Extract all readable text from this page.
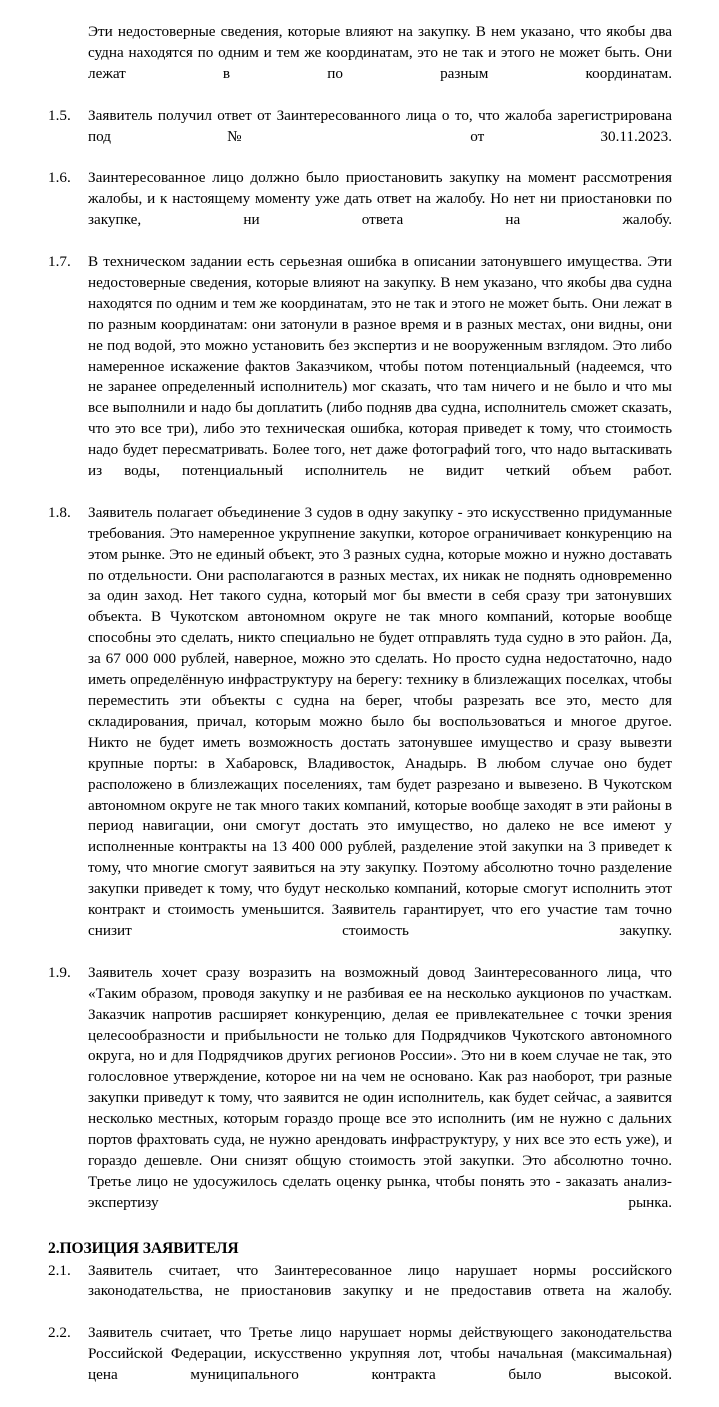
Эти недостоверные сведения, которые влияют на закупку. В нем указано, что якобы два судна находятся по одним и тем же координатам, это не так и этого не может быть. Они лежат в по разным координатам.

1.5.	Заявитель получил ответ от Заинтересованного лица о то, что жалоба зарегистрирована под № от 30.11.2023.
1.6.	Заинтересованное лицо должно было приостановить закупку на момент рассмотрения жалобы, и к настоящему моменту уже дать ответ на жалобу. Но нет ни приостановки по закупке, ни ответа на жалобу.
1.7.	В техническом задании есть серьезная ошибка в описании затонувшего имущества. Эти недостоверные сведения, которые влияют на закупку. В нем указано, что якобы два судна находятся по одним и тем же координатам, это не так и этого не может быть. Они лежат в по разным координатам: они затонули в разное время и в разных местах, они видны, они не под водой, это можно установить без экспертиз и не вооруженным взглядом. Это либо намеренное искажение фактов Заказчиком, чтобы потом потенциальный (надеемся, что не заранее определенный исполнитель) мог сказать, что там ничего и не было и что мы все выполнили и надо бы доплатить (либо подняв два судна, исполнитель сможет сказать, что это все три), либо это техническая ошибка, которая приведет к тому, что стоимость надо будет пересматривать. Более того, нет даже фотографий того, что надо вытаскивать из воды, потенциальный исполнитель не видит четкий объем работ.
1.8.	Заявитель полагает объединение 3 судов в одну закупку - это искусственно придуманные требования. Это намеренное укрупнение закупки, которое ограничивает конкуренцию на этом рынке. Это не единый объект, это 3 разных судна, которые можно и нужно доставать по отдельности. Они располагаются в разных местах, их никак не поднять одновременно за один заход. Нет такого судна, который мог бы вмести в себя сразу три затонувших объекта. В Чукотском автономном округе не так много компаний, которые вообще способны это сделать, никто специально не будет отправлять туда судно в это район. Да, за 67 000 000 рублей, наверное, можно это сделать. Но просто судна недостаточно, надо иметь определённую инфраструктуру на берегу: технику в близлежащих поселках, чтобы переместить эти объекты с судна на берег, чтобы разрезать все это, место для складирования, причал, которым можно было бы воспользоваться и многое другое. Никто не будет иметь возможность достать затонувшее имущество и сразу вывезти крупные порты: в Хабаровск, Владивосток, Анадырь. В любом случае оно будет расположено в близлежащих поселениях, там будет разрезано и вывезено. В Чукотском автономном округе не так много таких компаний, которые вообще заходят в эти районы в период навигации, они смогут достать это имущество, но далеко не все имеют у исполненные контракты на 13 400 000 рублей, разделение этой закупки на 3 приведет к тому, что многие смогут заявиться на эту закупку. Поэтому абсолютно точно разделение закупки приведет к тому, что будут несколько компаний, которые смогут исполнить этот контракт и стоимость уменьшится. Заявитель гарантирует, что его участие там точно снизит стоимость закупку.
1.9.	Заявитель хочет сразу возразить на возможный довод Заинтересованного лица, что «Таким образом, проводя закупку и не разбивая ее на несколько аукционов по участкам. Заказчик напротив расширяет конкуренцию, делая ее привлекательнее с точки зрения целесообразности и прибыльности не только для Подрядчиков Чукотского автономного округа, но и для Подрядчиков других регионов России». Это ни в коем случае не так, это голословное утверждение, которое ни на чем не основано. Как раз наоборот, три разные закупки приведут к тому, что заявится не один исполнитель, как будет сейчас, а заявится несколько местных, которым гораздо проще все это исполнить (им не нужно с дальних портов фрахтовать суда, не нужно арендовать инфраструктуру, у них все это есть уже), и гораздо дешевле. Они снизят общую стоимость этой закупки. Это абсолютно точно. Третье лицо не удосужилось сделать оценку рынка, чтобы понять это - заказать анализ-экспертизу рынка.
2.ПОЗИЦИЯ ЗАЯВИТЕЛЯ
2.1.	Заявитель считает, что Заинтересованное лицо нарушает нормы российского законодательства, не приостановив закупку и не предоставив ответа на жалобу.
2.2.	Заявитель считает, что Третье лицо нарушает нормы действующего законодательства Российской Федерации, искусственно укрупняя лот, чтобы начальная (максимальная) цена муниципального контракта было высокой.
